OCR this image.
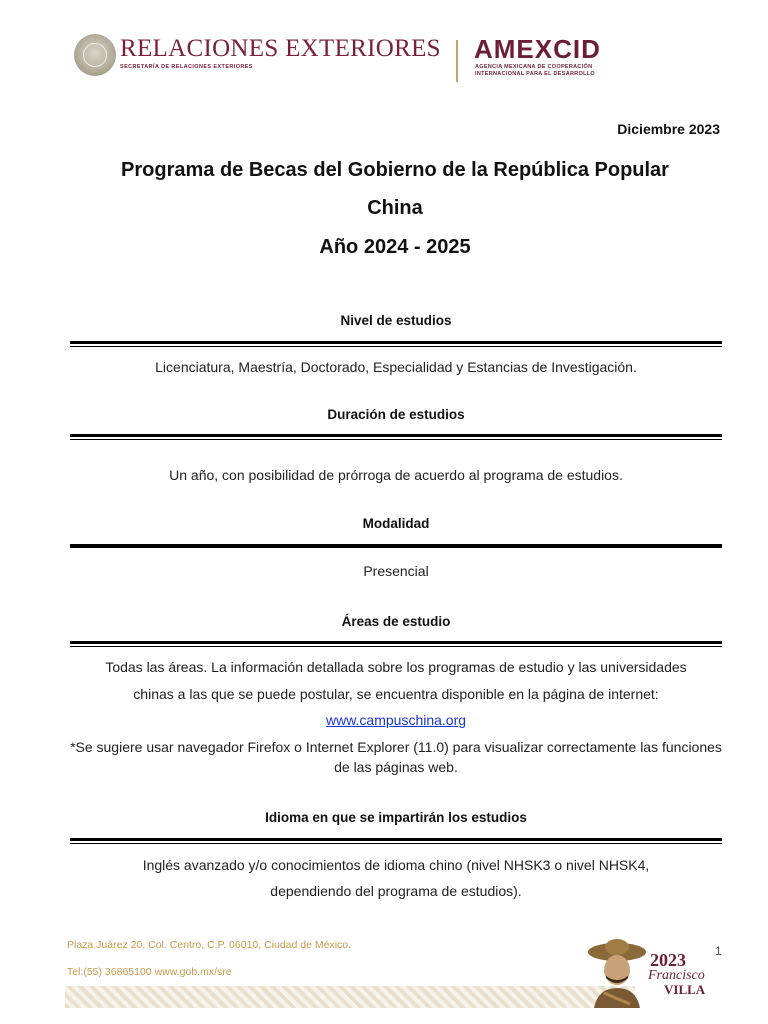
RELACIONES EXTERIORES
SECRETARÍA DE RELACIONES EXTERIORES
AMEXCID
AGENCIA MEXICANA DE COOPERACIÓN INTERNACIONAL PARA EL DESARROLLO
Diciembre 2023
Programa de Becas del Gobierno de la República Popular
China
Año 2024 - 2025
Nivel de estudios
Licenciatura, Maestría, Doctorado, Especialidad y Estancias de Investigación.
Duración de estudios
Un año, con posibilidad de prórroga de acuerdo al programa de estudios.
Modalidad
Presencial
Áreas de estudio
Todas las áreas. La información detallada sobre los programas de estudio y las universidades
chinas a las que se puede postular, se encuentra disponible en la página de internet:
www.campuschina.org
*Se sugiere usar navegador Firefox o Internet Explorer (11.0) para visualizar correctamente las funciones de las páginas web.
Idioma en que se impartirán los estudios
Inglés avanzado y/o conocimientos de idioma chino (nivel NHSK3 o nivel NHSK4,
dependiendo del programa de estudios).
Plaza Juárez 20, Col. Centro, C.P. 06010, Ciudad de México.
Tel:(55) 36865100 www.gob.mx/sre
1
2023
Francisco
VILLA
